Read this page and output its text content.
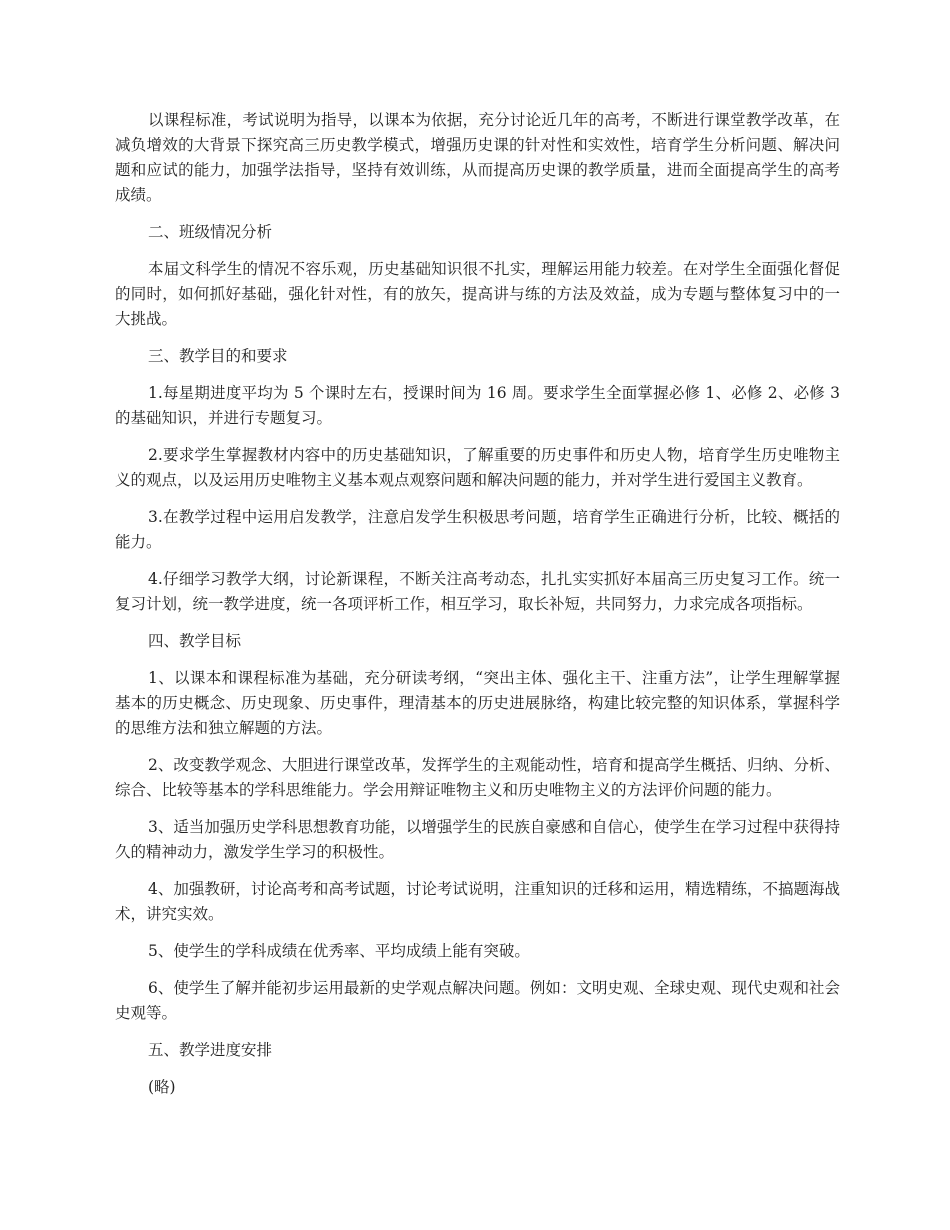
以课程标准，考试说明为指导，以课本为依据，充分讨论近几年的高考，不断进行课堂教学改革，在减负增效的大背景下探究高三历史教学模式，增强历史课的针对性和实效性，培育学生分析问题、解决问题和应试的能力，加强学法指导，坚持有效训练，从而提高历史课的教学质量，进而全面提高学生的高考成绩。

二、班级情况分析

本届文科学生的情况不容乐观，历史基础知识很不扎实，理解运用能力较差。在对学生全面强化督促的同时，如何抓好基础，强化针对性，有的放矢，提高讲与练的方法及效益，成为专题与整体复习中的一大挑战。

三、教学目的和要求

1.每星期进度平均为 5 个课时左右，授课时间为 16 周。要求学生全面掌握必修 1、必修 2、必修 3 的基础知识，并进行专题复习。

2.要求学生掌握教材内容中的历史基础知识，了解重要的历史事件和历史人物，培育学生历史唯物主义的观点，以及运用历史唯物主义基本观点观察问题和解决问题的能力，并对学生进行爱国主义教育。

3.在教学过程中运用启发教学，注意启发学生积极思考问题，培育学生正确进行分析，比较、概括的能力。

4.仔细学习教学大纲，讨论新课程，不断关注高考动态，扎扎实实抓好本届高三历史复习工作。统一复习计划，统一教学进度，统一各项评析工作，相互学习，取长补短，共同努力，力求完成各项指标。

四、教学目标

1、以课本和课程标准为基础，充分研读考纲，“突出主体、强化主干、注重方法”，让学生理解掌握基本的历史概念、历史现象、历史事件，理清基本的历史进展脉络，构建比较完整的知识体系，掌握科学的思维方法和独立解题的方法。

2、改变教学观念、大胆进行课堂改革，发挥学生的主观能动性，培育和提高学生概括、归纳、分析、综合、比较等基本的学科思维能力。学会用辩证唯物主义和历史唯物主义的方法评价问题的能力。

3、适当加强历史学科思想教育功能，以增强学生的民族自豪感和自信心，使学生在学习过程中获得持久的精神动力，激发学生学习的积极性。

4、加强教研，讨论高考和高考试题，讨论考试说明，注重知识的迁移和运用，精选精练，不搞题海战术，讲究实效。

5、使学生的学科成绩在优秀率、平均成绩上能有突破。

6、使学生了解并能初步运用最新的史学观点解决问题。例如：文明史观、全球史观、现代史观和社会史观等。

五、教学进度安排

(略)
